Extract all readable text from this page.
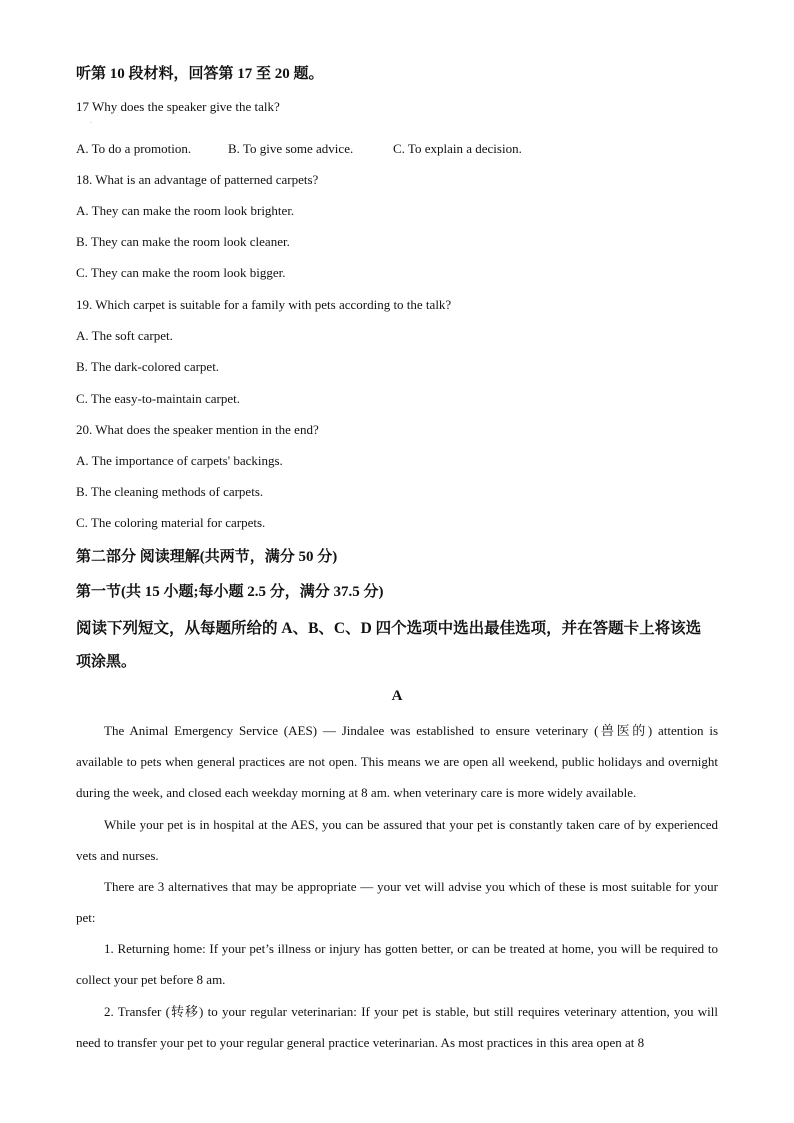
听第 10 段材料，回答第 17 至 20 题。
17 Why does the speaker give the talk?
·
A. To do a promotion.	B. To give some advice.	C. To explain a decision.
18. What is an advantage of patterned carpets?
A. They can make the room look brighter.
B. They can make the room look cleaner.
C. They can make the room look bigger.
19. Which carpet is suitable for a family with pets according to the talk?
A. The soft carpet.
B. The dark-colored carpet.
C. The easy-to-maintain carpet.
20. What does the speaker mention in the end?
A. The importance of carpets' backings.
B. The cleaning methods of carpets.
C. The coloring material for carpets.
第二部分 阅读理解(共两节，满分 50 分)
第一节(共 15 小题;每小题 2.5 分，满分 37.5 分)
阅读下列短文，从每题所给的 A、B、C、D 四个选项中选出最佳选项，并在答题卡上将该选
项涂黑。
A
The Animal Emergency Service (AES) — Jindalee was established to ensure veterinary (兽医的) attention is available to pets when general practices are not open. This means we are open all weekend, public holidays and overnight during the week, and closed each weekday morning at 8 am. when veterinary care is more widely available.
While your pet is in hospital at the AES, you can be assured that your pet is constantly taken care of by experienced vets and nurses.
There are 3 alternatives that may be appropriate — your vet will advise you which of these is most suitable for your pet:
1. Returning home: If your pet’s illness or injury has gotten better, or can be treated at home, you will be required to collect your pet before 8 am.
2. Transfer (转移) to your regular veterinarian: If your pet is stable, but still requires veterinary attention, you will need to transfer your pet to your regular general practice veterinarian. As most practices in this area open at 8
